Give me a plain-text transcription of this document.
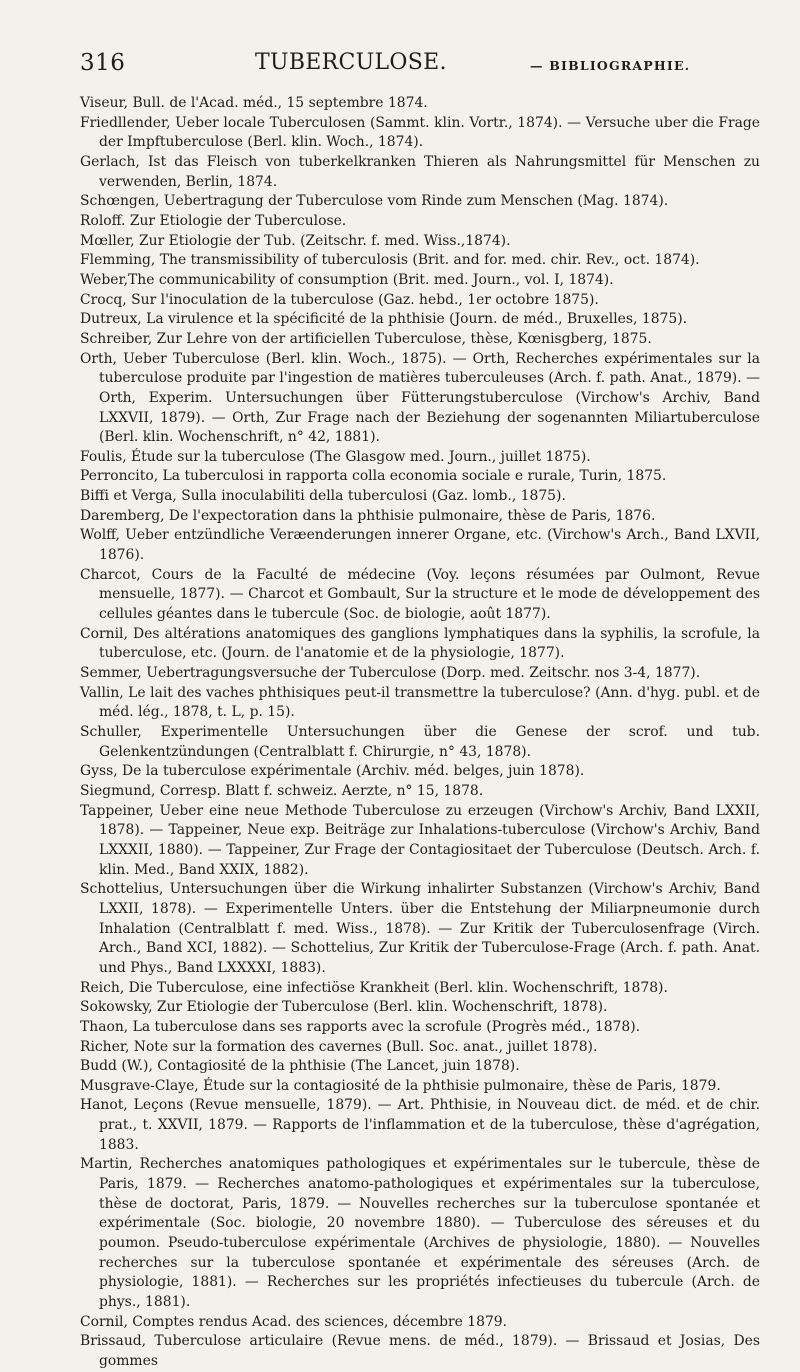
316	TUBERCULOSE.	— BIBLIOGRAPHIE.

Viseur, Bull. de l'Acad. méd., 15 septembre 1874.

Friedllender, Ueber locale Tuberculosen (Sammt. klin. Vortr., 1874). — Versuche uber die Frage der Impftuberculose (Berl. klin. Woch., 1874).

Gerlach, Ist das Fleisch von tuberkelkranken Thieren als Nahrungsmittel für Menschen zu verwenden, Berlin, 1874.

Schœngen, Uebertragung der Tuberculose vom Rinde zum Menschen (Mag. 1874).

Roloff. Zur Etiologie der Tuberculose.

Mœller, Zur Etiologie der Tub. (Zeitschr. f. med. Wiss.,1874).

Flemming, The transmissibility of tuberculosis (Brit. and for. med. chir. Rev., oct. 1874).

Weber,The communicability of consumption (Brit. med. Journ., vol. I, 1874).

Crocq, Sur l'inoculation de la tuberculose (Gaz. hebd., 1er octobre 1875).

Dutreux, La virulence et la spécificité de la phthisie (Journ. de méd., Bruxelles, 1875).

Schreiber, Zur Lehre von der artificiellen Tuberculose, thèse, Kœnisgberg, 1875.

Orth, Ueber Tuberculose (Berl. klin. Woch., 1875). — Orth, Recherches expérimentales sur la tuberculose produite par l'ingestion de matières tuberculeuses (Arch. f. path. Anat., 1879). — Orth, Experim. Untersuchungen über Fütterungstuberculose (Virchow's Archiv, Band LXXVII, 1879). — Orth, Zur Frage nach der Beziehung der sogenannten Miliartuberculose (Berl. klin. Wochenschrift, n° 42, 1881).

Foulis, Étude sur la tuberculose (The Glasgow med. Journ., juillet 1875).

Perroncito, La tuberculosi in rapporta colla economia sociale e rurale, Turin, 1875.

Biffi et Verga, Sulla inoculabiliti della tuberculosi (Gaz. lomb., 1875).

Daremberg, De l'expectoration dans la phthisie pulmonaire, thèse de Paris, 1876.

Wolff, Ueber entzündliche Veræenderungen innerer Organe, etc. (Virchow's Arch., Band LXVII, 1876).

Charcot, Cours de la Faculté de médecine (Voy. leçons résumées par Oulmont, Revue mensuelle, 1877). — Charcot et Gombault, Sur la structure et le mode de développement des cellules géantes dans le tubercule (Soc. de biologie, août 1877).

Cornil, Des altérations anatomiques des ganglions lymphatiques dans la syphilis, la scrofule, la tuberculose, etc. (Journ. de l'anatomie et de la physiologie, 1877).

Semmer, Uebertragungsversuche der Tuberculose (Dorp. med. Zeitschr. nos 3-4, 1877).

Vallin, Le lait des vaches phthisiques peut-il transmettre la tuberculose? (Ann. d'hyg. publ. et de méd. lég., 1878, t. L, p. 15).

Schuller, Experimentelle Untersuchungen über die Genese der scrof. und tub. Gelenkentzündungen (Centralblatt f. Chirurgie, n° 43, 1878).

Gyss, De la tuberculose expérimentale (Archiv. méd. belges, juin 1878).

Siegmund, Corresp. Blatt f. schweiz. Aerzte, n° 15, 1878.

Tappeiner, Ueber eine neue Methode Tuberculose zu erzeugen (Virchow's Archiv, Band LXXII, 1878). — Tappeiner, Neue exp. Beiträge zur Inhalations-tuberculose (Virchow's Archiv, Band LXXXII, 1880). — Tappeiner, Zur Frage der Contagiositaet der Tuberculose (Deutsch. Arch. f. klin. Med., Band XXIX, 1882).

Schottelius, Untersuchungen über die Wirkung inhalirter Substanzen (Virchow's Archiv, Band LXXII, 1878). — Experimentelle Unters. über die Entstehung der Miliarpneumonie durch Inhalation (Centralblatt f. med. Wiss., 1878). — Zur Kritik der Tuberculosenfrage (Virch. Arch., Band XCI, 1882). — Schottelius, Zur Kritik der Tuberculose-Frage (Arch. f. path. Anat. und Phys., Band LXXXXI, 1883).

Reich, Die Tuberculose, eine infectiöse Krankheit (Berl. klin. Wochenschrift, 1878).

Sokowsky, Zur Etiologie der Tuberculose (Berl. klin. Wochenschrift, 1878).

Thaon, La tuberculose dans ses rapports avec la scrofule (Progrès méd., 1878).

Richer, Note sur la formation des cavernes (Bull. Soc. anat., juillet 1878).

Budd (W.), Contagiosité de la phthisie (The Lancet, juin 1878).

Musgrave-Claye, Étude sur la contagiosité de la phthisie pulmonaire, thèse de Paris, 1879.

Hanot, Leçons (Revue mensuelle, 1879). — Art. Phthisie, in Nouveau dict. de méd. et de chir. prat., t. XXVII, 1879. — Rapports de l'inflammation et de la tuberculose, thèse d'agrégation, 1883.

Martin, Recherches anatomiques pathologiques et expérimentales sur le tubercule, thèse de Paris, 1879. — Recherches anatomo-pathologiques et expérimentales sur la tuberculose, thèse de doctorat, Paris, 1879. — Nouvelles recherches sur la tuberculose spontanée et expérimentale (Soc. biologie, 20 novembre 1880). — Tuberculose des séreuses et du poumon. Pseudo-tuberculose expérimentale (Archives de physiologie, 1880). — Nouvelles recherches sur la tuberculose spontanée et expérimentale des séreuses (Arch. de physiologie, 1881). — Recherches sur les propriétés infectieuses du tubercule (Arch. de phys., 1881).

Cornil, Comptes rendus Acad. des sciences, décembre 1879.

Brissaud, Tuberculose articulaire (Revue mens. de méd., 1879). — Brissaud et Josias, Des gommes
